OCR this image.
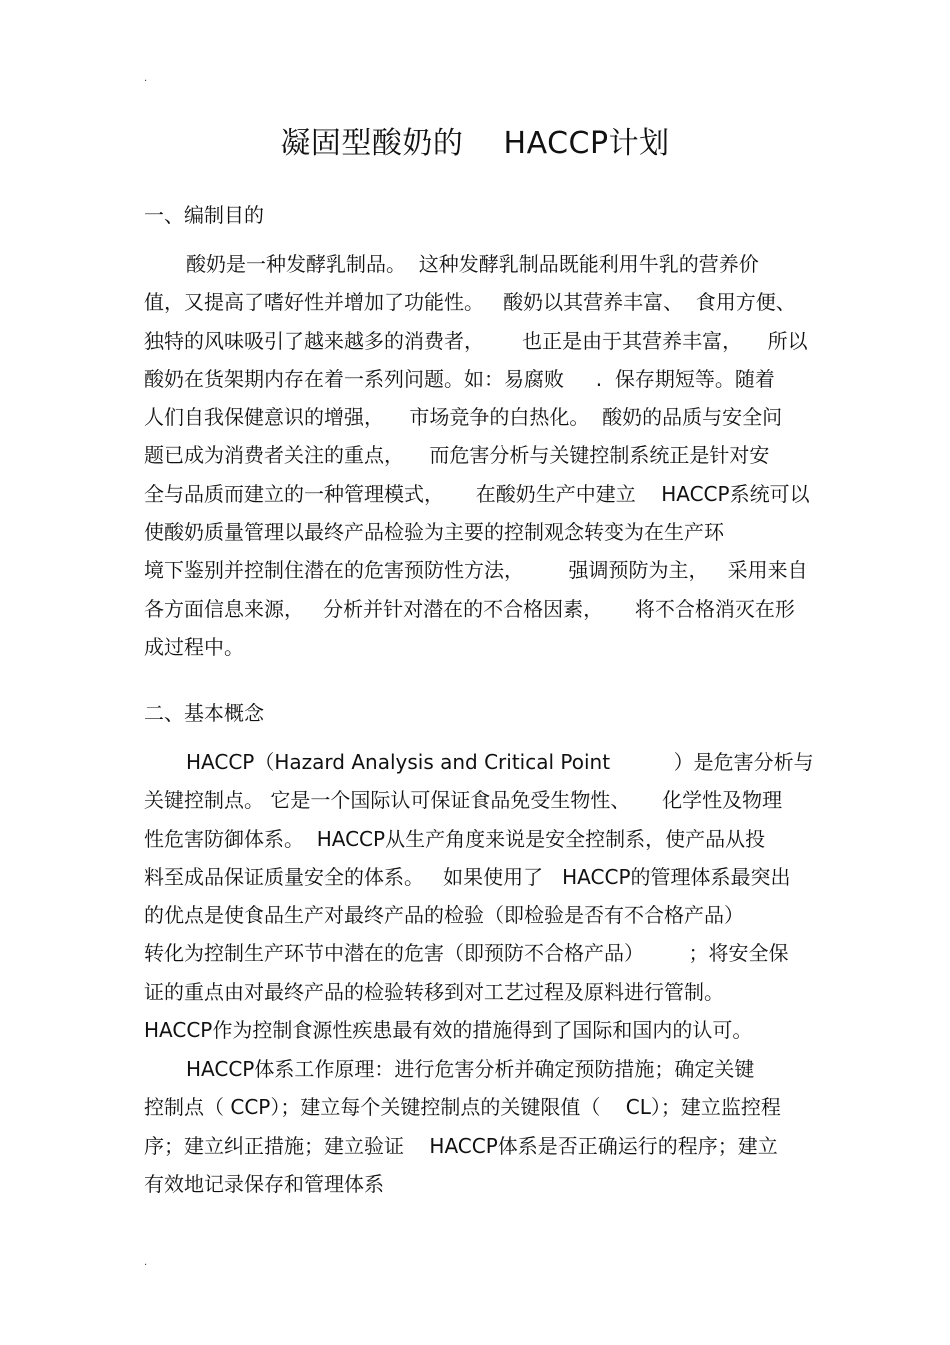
.
凝固型酸奶的    HACCP计划
一、编制目的
酸奶是一种发酵乳制品。  这种发酵乳制品既能利用牛乳的营养价
值，又提高了嗜好性并增加了功能性。   酸奶以其营养丰富、  食用方便、
独特的风味吸引了越来越多的消费者，      也正是由于其营养丰富，    所以
酸奶在货架期内存在着一系列问题。如：易腐败     .  保存期短等。随着
人们自我保健意识的增强，    市场竞争的白热化。  酸奶的品质与安全问
题已成为消费者关注的重点，    而危害分析与关键控制系统正是针对安
全与品质而建立的一种管理模式，     在酸奶生产中建立    HACCP系统可以
使酸奶质量管理以最终产品检验为主要的控制观念转变为在生产环
境下鉴别并控制住潜在的危害预防性方法，       强调预防为主，   采用来自
各方面信息来源，   分析并针对潜在的不合格因素，     将不合格消灭在形
成过程中。
二、基本概念
HACCP（Hazard Analysis and Critical Point          ）是危害分析与
关键控制点。 它是一个国际认可保证食品免受生物性、     化学性及物理
性危害防御体系。  HACCP从生产角度来说是安全控制系，使产品从投
料至成品保证质量安全的体系。   如果使用了   HACCP的管理体系最突出
的优点是使食品生产对最终产品的检验（即检验是否有不合格产品）
转化为控制生产环节中潜在的危害（即预防不合格产品）       ；将安全保
证的重点由对最终产品的检验转移到对工艺过程及原料进行管制。
HACCP作为控制食源性疾患最有效的措施得到了国际和国内的认可。
HACCP体系工作原理：进行危害分析并确定预防措施；确定关键
控制点（ CCP）；建立每个关键控制点的关键限值（    CL）；建立监控程
序；建立纠正措施；建立验证    HACCP体系是否正确运行的程序；建立
有效地记录保存和管理体系
.
